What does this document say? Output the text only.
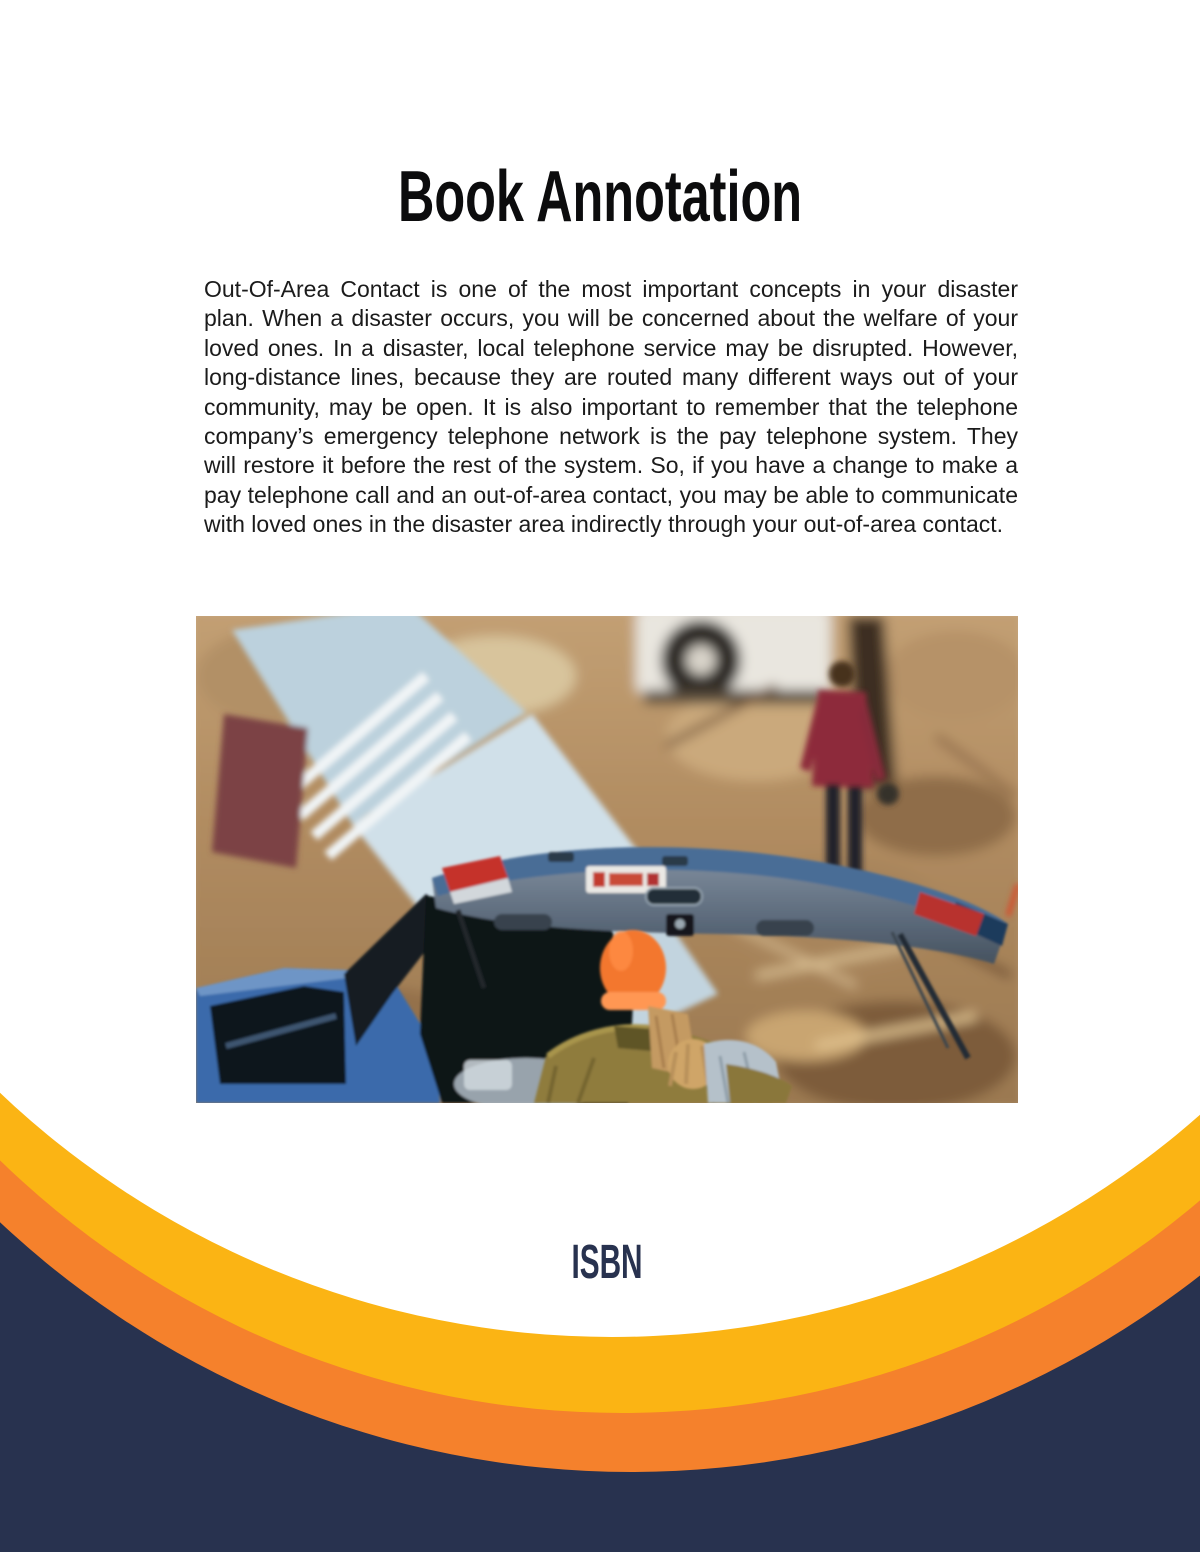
Book Annotation

Out-Of-Area Contact is one of the most important concepts in your disaster plan. When a disaster occurs, you will be concerned about the welfare of your loved ones. In a disaster, local telephone service may be disrupted. However, long-distance lines, because they are routed many different ways out of your community, may be open. It is also important to remember that the telephone company’s emergency telephone network is the pay telephone system. They will restore it before the rest of the system. So, if you have a change to make a pay telephone call and an out-of-area contact, you may be able to communicate with loved ones in the disaster area indirectly through your out-of-area contact.

ISBN
